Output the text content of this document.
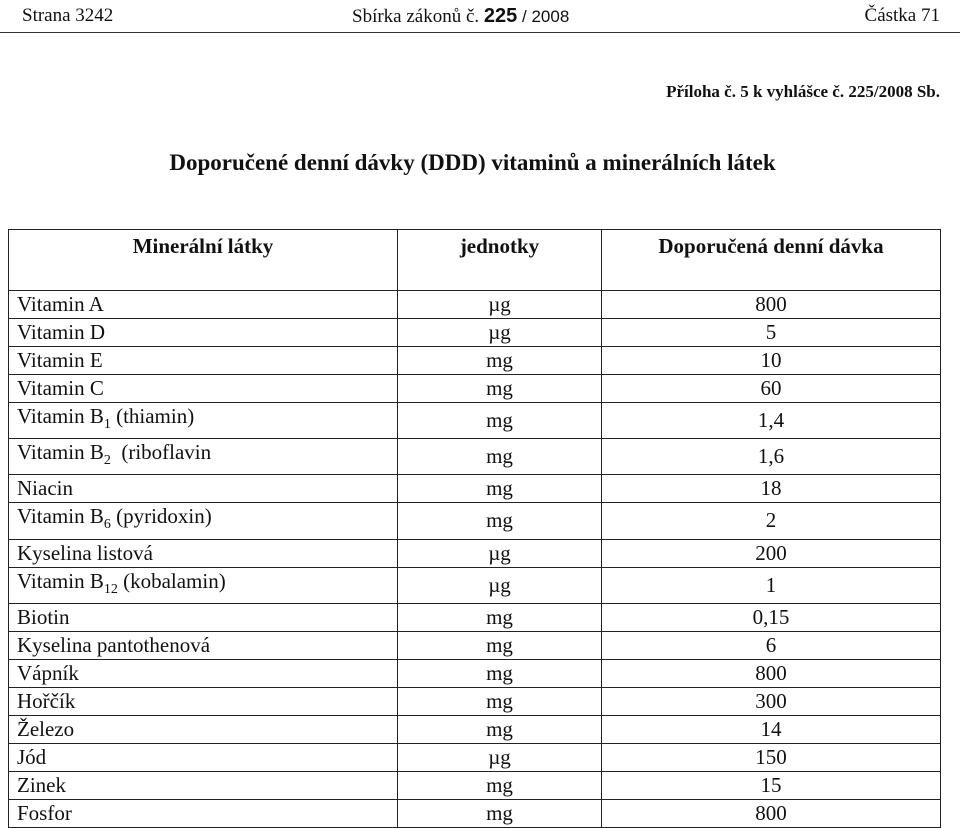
Strana 3242	Sbírka zákonů č. 225 / 2008	Částka 71
Příloha č. 5 k vyhlášce č. 225/2008 Sb.
Doporučené denní dávky (DDD) vitaminů a minerálních látek
Minerální látky	jednotky	Doporučená denní dávka
Vitamin A	µg	800
Vitamin D	µg	5
Vitamin E	mg	10
Vitamin C	mg	60
Vitamin $B_1$ (thiamin)	mg	1,4
Vitamin $B_2$  (riboflavin	mg	1,6
Niacin	mg	18
Vitamin $B_6$ (pyridoxin)	mg	2
Kyselina listová	µg	200
Vitamin $B_{12}$ (kobalamin)	µg	1
Biotin	mg	0,15
Kyselina pantothenová	mg	6
Vápník	mg	800
Hořčík	mg	300
Železo	mg	14
Jód	µg	150
Zinek	mg	15
Fosfor	mg	800
